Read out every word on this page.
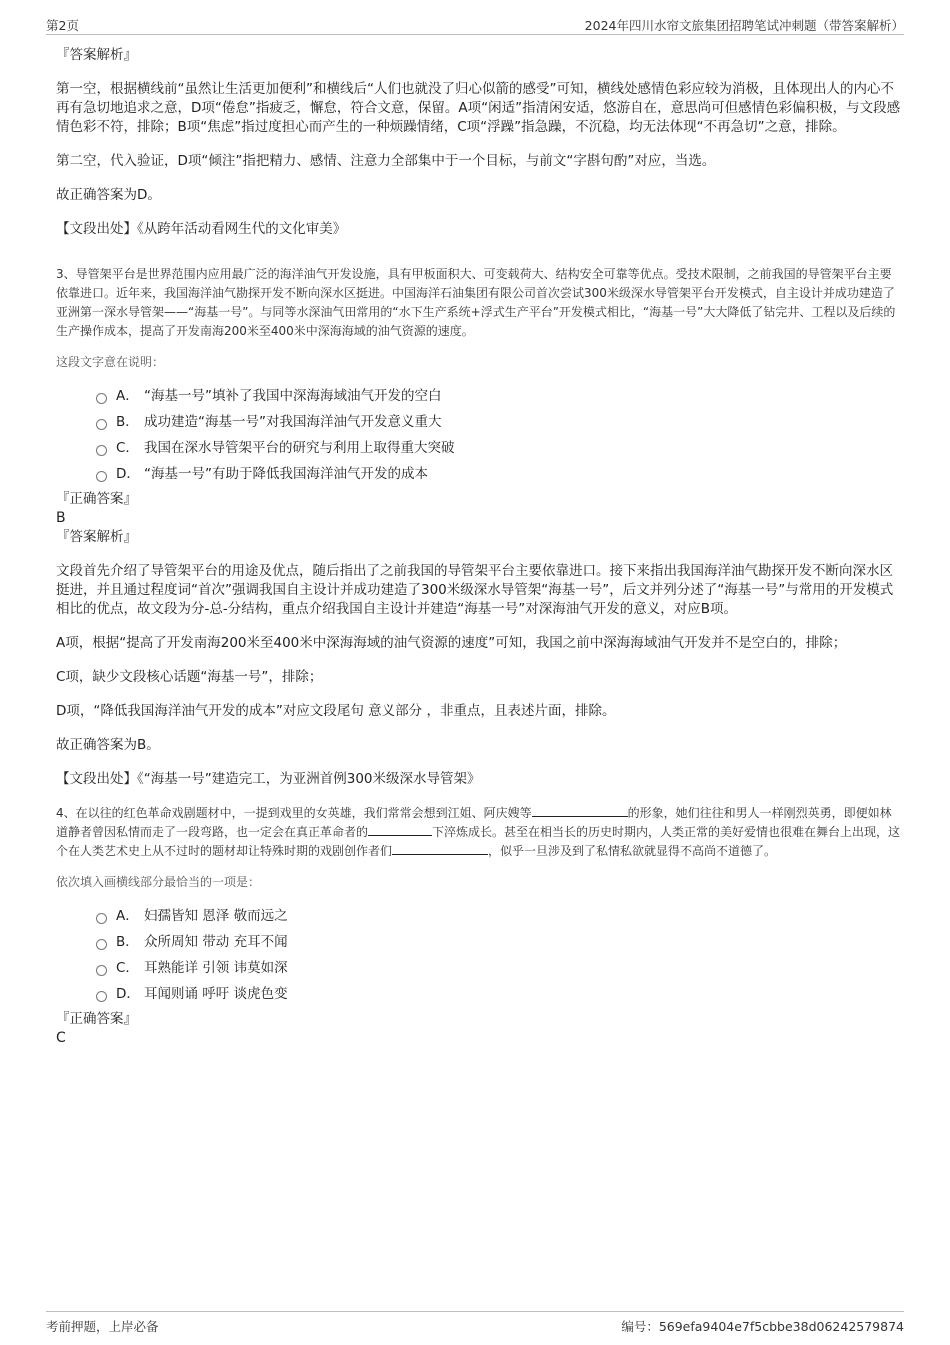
第2页	2024年四川水帘文旅集团招聘笔试冲刺题（带答案解析）

『答案解析』

第一空，根据横线前“虽然让生活更加便利”和横线后“人们也就没了归心似箭的感受”可知，横线处感情色彩应较为消极，且体现出人的内心不再有急切地追求之意，D项“倦怠”指疲乏，懈怠，符合文意，保留。A项“闲适”指清闲安适，悠游自在，意思尚可但感情色彩偏积极，与文段感情色彩不符，排除；B项“焦虑”指过度担心而产生的一种烦躁情绪，C项“浮躁”指急躁，不沉稳，均无法体现“不再急切”之意，排除。

第二空，代入验证，D项“倾注”指把精力、感情、注意力全部集中于一个目标，与前文“字斟句酌”对应，当选。

故正确答案为D。

【文段出处】《从跨年活动看网生代的文化审美》

3、导管架平台是世界范围内应用最广泛的海洋油气开发设施，具有甲板面积大、可变载荷大、结构安全可靠等优点。受技术限制，之前我国的导管架平台主要依靠进口。近年来，我国海洋油气勘探开发不断向深水区挺进。中国海洋石油集团有限公司首次尝试300米级深水导管架平台开发模式，自主设计并成功建造了亚洲第一深水导管架——“海基一号”。与同等水深油气田常用的“水下生产系统+浮式生产平台”开发模式相比，“海基一号”大大降低了钻完井、工程以及后续的生产操作成本，提高了开发南海200米至400米中深海海域的油气资源的速度。

这段文字意在说明：

A． “海基一号”填补了我国中深海海域油气开发的空白
B． 成功建造“海基一号”对我国海洋油气开发意义重大
C． 我国在深水导管架平台的研究与利用上取得重大突破
D． “海基一号”有助于降低我国海洋油气开发的成本

『正确答案』

B

『答案解析』

文段首先介绍了导管架平台的用途及优点，随后指出了之前我国的导管架平台主要依靠进口。接下来指出我国海洋油气勘探开发不断向深水区挺进，并且通过程度词“首次”强调我国自主设计并成功建造了300米级深水导管架“海基一号”，后文并列分述了“海基一号”与常用的开发模式相比的优点，故文段为分-总-分结构，重点介绍我国自主设计并建造“海基一号”对深海油气开发的意义，对应B项。

A项，根据“提高了开发南海200米至400米中深海海域的油气资源的速度”可知，我国之前中深海海域油气开发并不是空白的，排除；

C项，缺少文段核心话题“海基一号”，排除；

D项，“降低我国海洋油气开发的成本”对应文段尾句 意义部分 ，非重点，且表述片面，排除。

故正确答案为B。

【文段出处】《“海基一号”建造完工，为亚洲首例300米级深水导管架》

4、在以往的红色革命戏剧题材中，一提到戏里的女英雄，我们常常会想到江姐、阿庆嫂等	的形象，她们往往和男人一样刚烈英勇，即便如林道静者曾因私情而走了一段弯路，也一定会在真正革命者的	下淬炼成长。甚至在相当长的历史时期内，人类正常的美好爱情也很难在舞台上出现，这个在人类艺术史上从不过时的题材却让特殊时期的戏剧创作者们	，似乎一旦涉及到了私情私欲就显得不高尚不道德了。

依次填入画横线部分最恰当的一项是：

A． 妇孺皆知 恩泽 敬而远之
B． 众所周知 带动 充耳不闻
C． 耳熟能详 引领 讳莫如深
D． 耳闻则诵 呼吁 谈虎色变

『正确答案』

C

考前押题，上岸必备	编号：569efa9404e7f5cbbe38d06242579874
